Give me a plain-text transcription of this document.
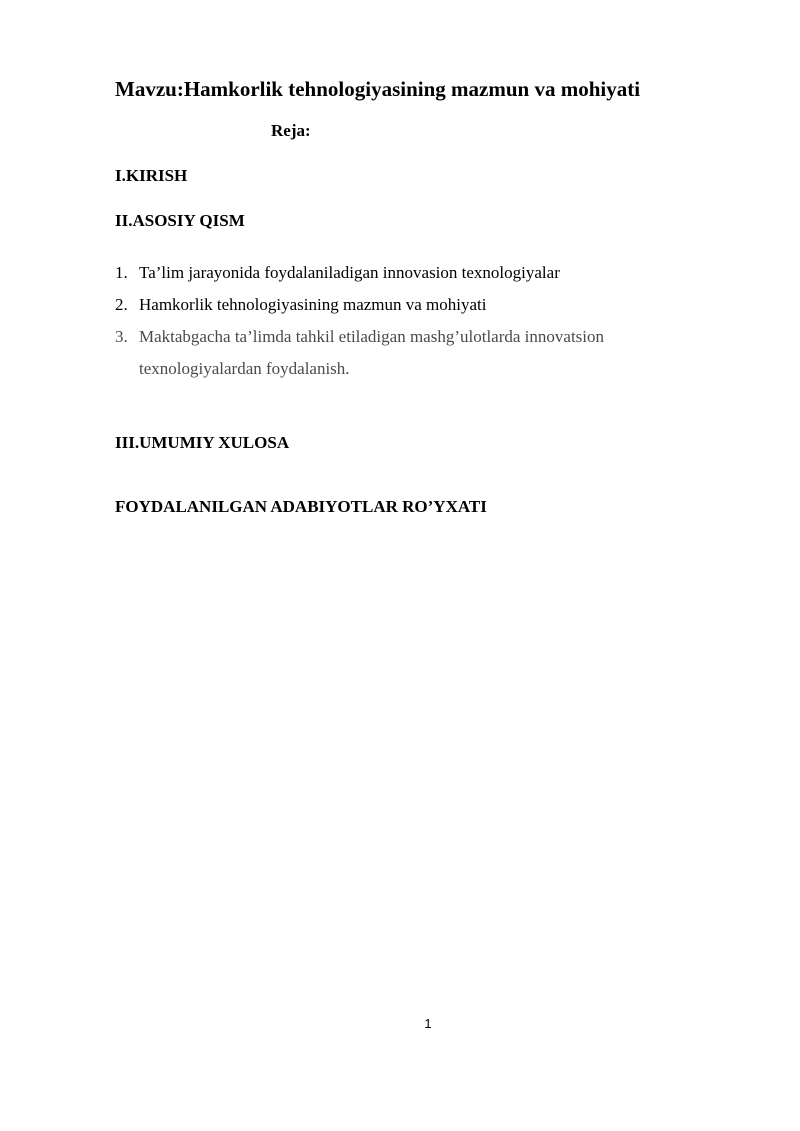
Mavzu:Hamkorlik tehnologiyasining mazmun va mohiyati
Reja:
I.KIRISH
II.ASOSIY QISM
1. Ta’lim jarayonida foydalaniladigan innovasion texnologiyalar
2. Hamkorlik tehnologiyasining mazmun va mohiyati
3. Maktabgacha ta’limda tahkil etiladigan mashg’ulotlarda innovatsion texnologiyalardan foydalanish.
III.UMUMIY XULOSA
FOYDALANILGAN ADABIYOTLAR RO’YXATI
1
